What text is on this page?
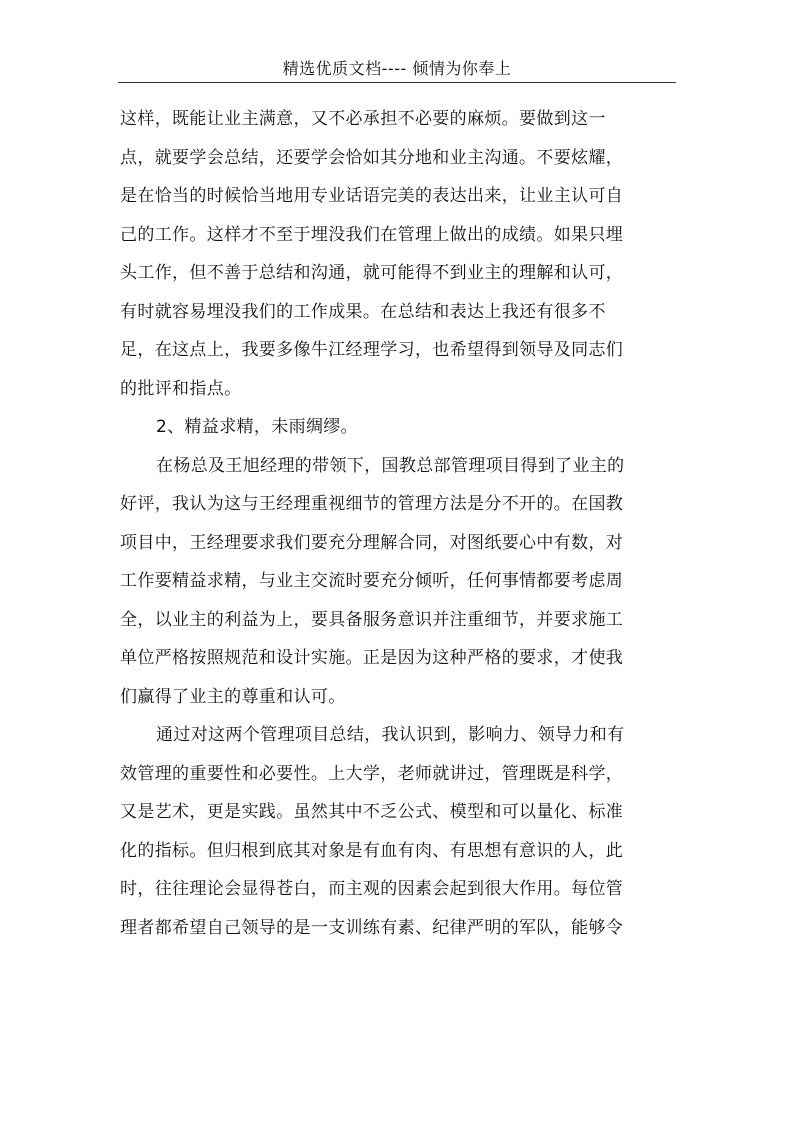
精选优质文档---- 倾情为你奉上
这样，既能让业主满意，又不必承担不必要的麻烦。要做到这一
点，就要学会总结，还要学会恰如其分地和业主沟通。不要炫耀，
是在恰当的时候恰当地用专业话语完美的表达出来，让业主认可自
己的工作。这样才不至于埋没我们在管理上做出的成绩。如果只埋
头工作，但不善于总结和沟通，就可能得不到业主的理解和认可，
有时就容易埋没我们的工作成果。在总结和表达上我还有很多不
足，在这点上，我要多像牛江经理学习，也希望得到领导及同志们
的批评和指点。
2、精益求精，未雨绸缪。
在杨总及王旭经理的带领下，国教总部管理项目得到了业主的
好评，我认为这与王经理重视细节的管理方法是分不开的。在国教
项目中，王经理要求我们要充分理解合同，对图纸要心中有数，对
工作要精益求精，与业主交流时要充分倾听，任何事情都要考虑周
全，以业主的利益为上，要具备服务意识并注重细节，并要求施工
单位严格按照规范和设计实施。正是因为这种严格的要求，才使我
们赢得了业主的尊重和认可。
通过对这两个管理项目总结，我认识到，影响力、领导力和有
效管理的重要性和必要性。上大学，老师就讲过，管理既是科学，
又是艺术，更是实践。虽然其中不乏公式、模型和可以量化、标准
化的指标。但归根到底其对象是有血有肉、有思想有意识的人，此
时，往往理论会显得苍白，而主观的因素会起到很大作用。每位管
理者都希望自己领导的是一支训练有素、纪律严明的军队，能够令
